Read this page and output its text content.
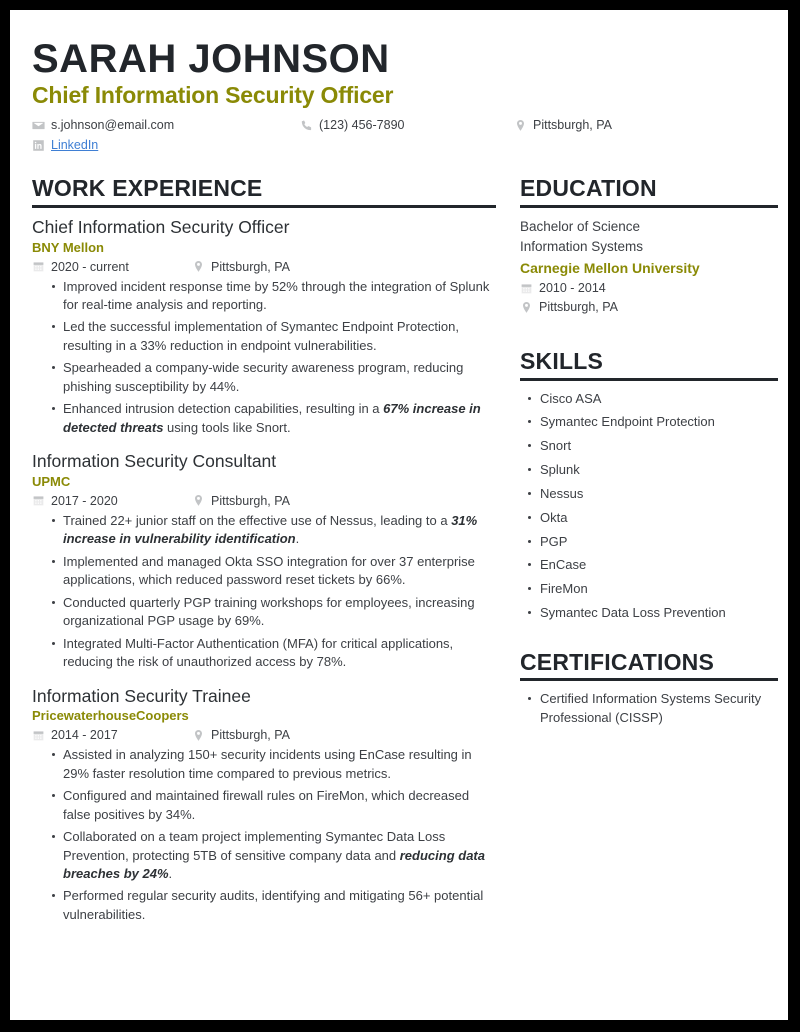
SARAH JOHNSON
Chief Information Security Officer
s.johnson@email.com	(123) 456-7890	Pittsburgh, PA
LinkedIn
WORK EXPERIENCE
Chief Information Security Officer
BNY Mellon
2020 - current	Pittsburgh, PA
Improved incident response time by 52% through the integration of Splunk for real-time analysis and reporting.
Led the successful implementation of Symantec Endpoint Protection, resulting in a 33% reduction in endpoint vulnerabilities.
Spearheaded a company-wide security awareness program, reducing phishing susceptibility by 44%.
Enhanced intrusion detection capabilities, resulting in a 67% increase in detected threats using tools like Snort.
Information Security Consultant
UPMC
2017 - 2020	Pittsburgh, PA
Trained 22+ junior staff on the effective use of Nessus, leading to a 31% increase in vulnerability identification.
Implemented and managed Okta SSO integration for over 37 enterprise applications, which reduced password reset tickets by 66%.
Conducted quarterly PGP training workshops for employees, increasing organizational PGP usage by 69%.
Integrated Multi-Factor Authentication (MFA) for critical applications, reducing the risk of unauthorized access by 78%.
Information Security Trainee
PricewaterhouseCoopers
2014 - 2017	Pittsburgh, PA
Assisted in analyzing 150+ security incidents using EnCase resulting in 29% faster resolution time compared to previous metrics.
Configured and maintained firewall rules on FireMon, which decreased false positives by 34%.
Collaborated on a team project implementing Symantec Data Loss Prevention, protecting 5TB of sensitive company data and reducing data breaches by 24%.
Performed regular security audits, identifying and mitigating 56+ potential vulnerabilities.
EDUCATION
Bachelor of Science
Information Systems
Carnegie Mellon University
2010 - 2014
Pittsburgh, PA
SKILLS
Cisco ASA
Symantec Endpoint Protection
Snort
Splunk
Nessus
Okta
PGP
EnCase
FireMon
Symantec Data Loss Prevention
CERTIFICATIONS
Certified Information Systems Security Professional (CISSP)
